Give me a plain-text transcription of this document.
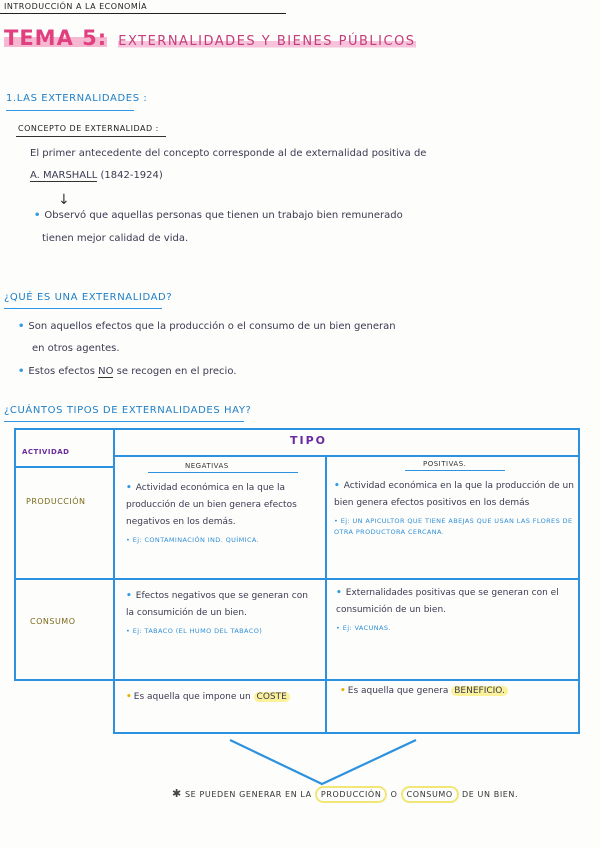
INTRODUCCIÓN A LA ECONOMÍA
TEMA 5: EXTERNALIDADES Y BIENES PÚBLICOS
1.LAS EXTERNALIDADES :
CONCEPTO DE EXTERNALIDAD :
El primer antecedente del concepto corresponde al de externalidad positiva de
A. MARSHALL (1842-1924)
↓
• Observó que aquellas personas que tienen un trabajo bien remunerado
tienen mejor calidad de vida.
¿QUÉ ES UNA EXTERNALIDAD?
• Son aquellos efectos que la producción o el consumo de un bien generan
en otros agentes.
• Estos efectos NO se recogen en el precio.
¿CUÁNTOS TIPOS DE EXTERNALIDADES HAY?
ACTIVIDAD
TIPO
NEGATIVAS	POSITIVAS.
PRODUCCIÓN
CONSUMO
• Actividad económica en la que la producción de un bien genera efectos negativos en los demás.
• Ej: CONTAMINACIÓN IND. QUÍMICA.
• Actividad económica en la que la producción de un bien genera efectos positivos en los demás
• Ej: UN APICULTOR QUE TIENE ABEJAS QUE USAN LAS FLORES DE OTRA PRODUCTORA CERCANA.
• Efectos negativos que se generan con la consumición de un bien.
• Ej: TABACO (EL HUMO DEL TABACO)
• Externalidades positivas que se generan con el consumición de un bien.
• Ej: VACUNAS.
• Es aquella que impone un COSTE
• Es aquella que genera BENEFICIO.
✱ SE PUEDEN GENERAR EN LA PRODUCCIÓN O CONSUMO DE UN BIEN.
